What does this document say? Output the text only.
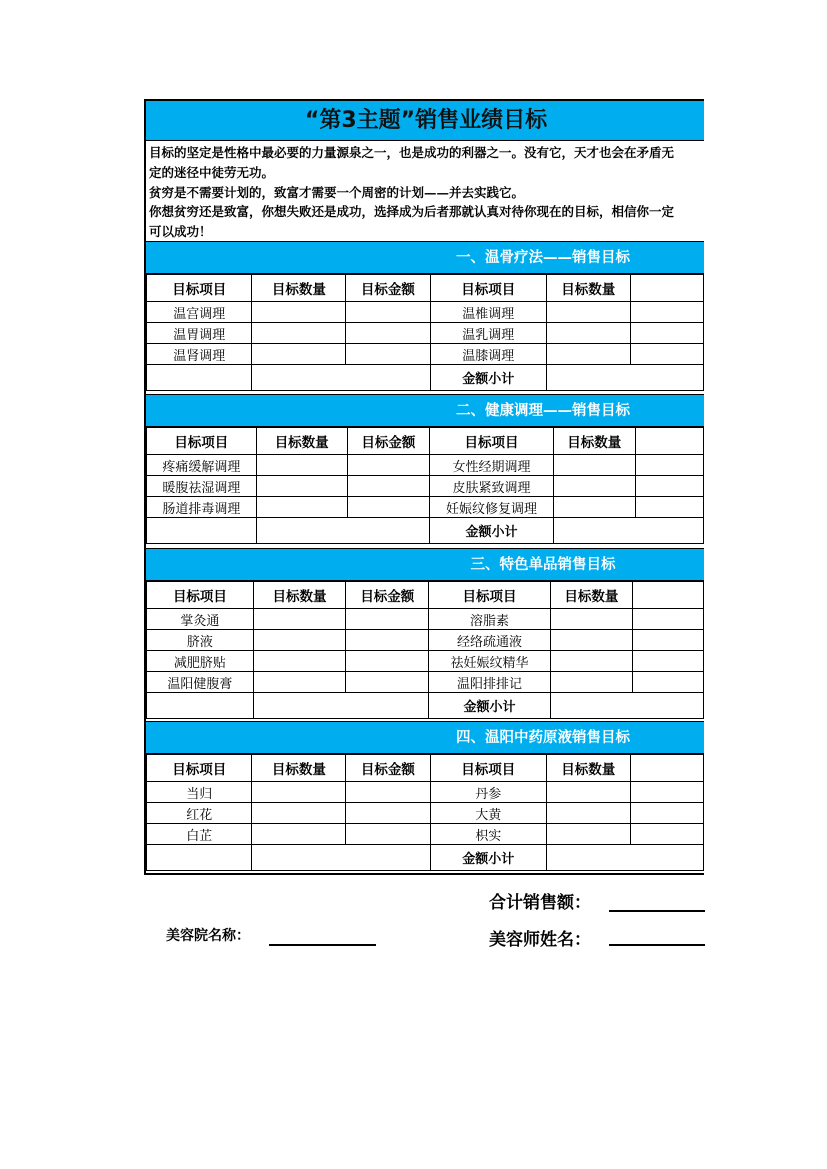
“第3主题”销售业绩目标
目标的坚定是性格中最必要的力量源泉之一，也是成功的利器之一。没有它，天才也会在矛盾无
定的迷径中徒劳无功。
贫穷是不需要计划的，致富才需要一个周密的计划——并去实践它。
你想贫穷还是致富，你想失败还是成功，选择成为后者那就认真对待你现在的目标，相信你一定
可以成功！
一、温骨疗法——销售目标
目标项目	目标数量	目标金额	目标项目	目标数量	
温宫调理			温椎调理		
温胃调理			温乳调理		
温肾调理			温膝调理		
			金额小计		
二、健康调理——销售目标
目标项目	目标数量	目标金额	目标项目	目标数量	
疼痛缓解调理			女性经期调理		
暖腹祛湿调理			皮肤紧致调理		
肠道排毒调理			妊娠纹修复调理		
			金额小计		
三、特色单品销售目标
目标项目	目标数量	目标金额	目标项目	目标数量	
掌灸通			溶脂素		
脐液			经络疏通液		
减肥脐贴			祛妊娠纹精华		
温阳健腹膏			温阳排排记		
			金额小计		
四、温阳中药原液销售目标
目标项目	目标数量	目标金额	目标项目	目标数量	
当归			丹参		
红花			大黄		
白芷			枳实		
			金额小计		
合计销售额：
美容院名称：	美容师姓名：
